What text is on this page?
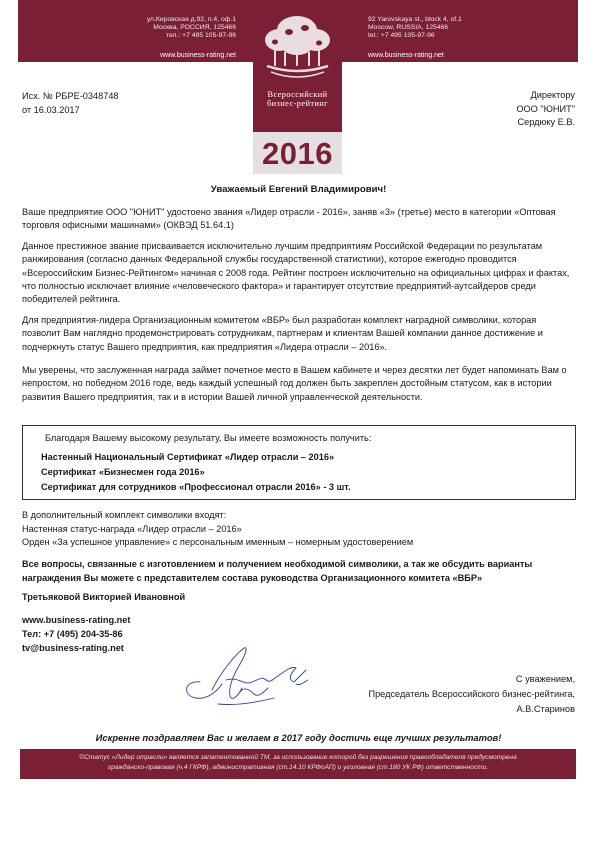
ул.Кировская д.92, п.4, оф.1
Москва, РОССИЯ, 125466
тел.: +7 495 105-97-96
92 Yarovskaya st., block 4, of.1
Moscow, RUSSIA, 125466
tel.: +7 495 105-97-96
www.business-rating.net	www.business-rating.net
Всероссийский
бизнес-рейтинг
2016
Исх. № РБРЕ-0348748
от 16.03.2017
Директору
ООО "ЮНИТ"
Сердюку Е.В.
Уважаемый Евгений Владимирович!
Ваше предприятие ООО "ЮНИТ" удостоено звания «Лидер отрасли - 2016», заняв «3» (третье) место в категории «Оптовая торговля офисными машинами» (ОКВЭД 51.64.1)
Данное престижное звание присваивается исключительно лучшим предприятиям Российской Федерации по результатам ранжирования (согласно данных Федеральной службы государственной статистики), которое ежегодно проводится «Всероссийским Бизнес-Рейтингом» начиная с 2008 года. Рейтинг построен исключительно на официальных цифрах и фактах, что полностью исключает влияние «человеческого фактора» и гарантирует отсутствие предприятий-аутсайдеров среди победителей рейтинга.
Для предприятия-лидера Организационным комитетом «ВБР» был разработан комплект наградной символики, которая позволит Вам наглядно продемонстрировать сотрудникам, партнерам и клиентам Вашей компании данное достижение и подчеркнуть статус Вашего предприятия, как предприятия «Лидера отрасли – 2016».
Мы уверены, что заслуженная награда займет почетное место в Вашем кабинете и через десятки лет будет напоминать Вам о непростом, но победном 2016 годе, ведь каждый успешный год должен быть закреплен достойным статусом, как в истории развития Вашего предприятия, так и в истории Вашей личной управленческой деятельности.
Благодаря Вашему высокому результату, Вы имеете возможность получить:
Настенный Национальный Сертификат «Лидер отрасли – 2016»
Сертификат «Бизнесмен года 2016»
Сертификат для сотрудников «Профессионал отрасли 2016» - 3 шт.
В дополнительный комплект символики входят:
Настенная статус-награда «Лидер отрасли – 2016»
Орден «За успешное управление» с персональным именным – номерным удостоверением
Все вопросы, связанные с изготовлением и получением необходимой символики, а так же обсудить варианты награждения Вы можете с представителем состава руководства Организационного комитета «ВБР»
Третьяковой Викторией Ивановной
www.business-rating.net
Тел: +7 (495) 204-35-86
tv@business-rating.net
С уважением,
Председатель Всероссийского бизнес-рейтинга,
А.В.Старинов
Искренне поздравляем Вас и желаем в 2017 году достичь еще лучших результатов!
©Статус «Лидер отрасли» является запатентованной ТМ, за использование которой без разрешения правообладателя предусмотрена
гражданско-правовая (ч.4 ГКРФ), административная (ст.14.10 КРФоАП) и уголовная (ст.180 УК РФ) ответственности.
